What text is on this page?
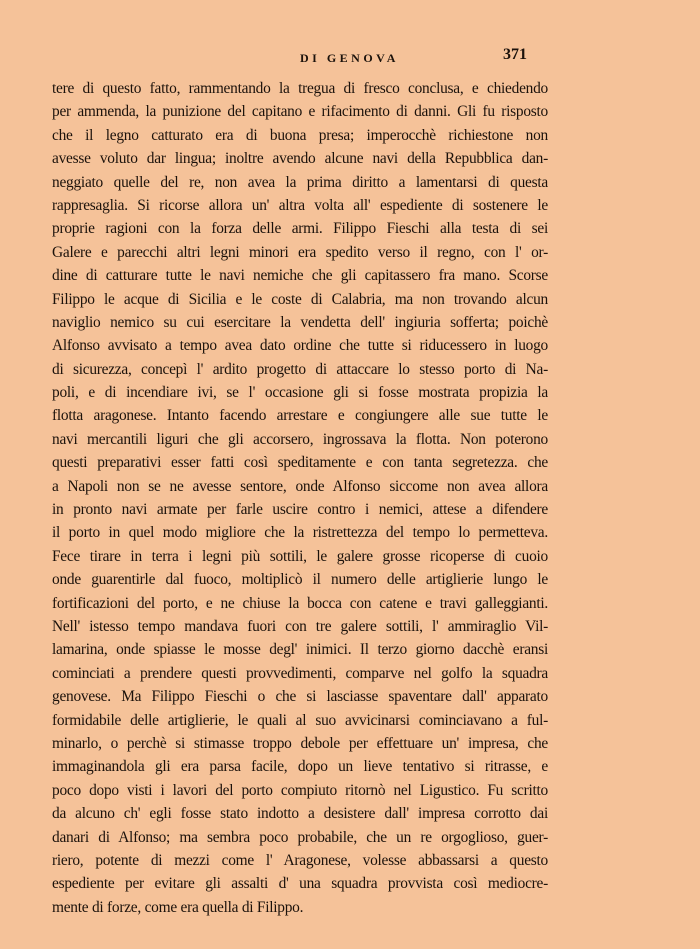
DI GENOVA	371
tere di questo fatto, rammentando la tregua di fresco conclusa, e chiedendo
per ammenda, la punizione del capitano e rifacimento di danni. Gli fu risposto
che il legno catturato era di buona presa; imperocchè richiestone non
avesse voluto dar lingua; inoltre avendo alcune navi della Repubblica dan-
neggiato quelle del re, non avea la prima diritto a lamentarsi di questa
rappresaglia. Si ricorse allora un' altra volta all' espediente di sostenere le
proprie ragioni con la forza delle armi. Filippo Fieschi alla testa di sei
Galere e parecchi altri legni minori era spedito verso il regno, con l' or-
dine di catturare tutte le navi nemiche che gli capitassero fra mano. Scorse
Filippo le acque di Sicilia e le coste di Calabria, ma non trovando alcun
naviglio nemico su cui esercitare la vendetta dell' ingiuria sofferta; poichè
Alfonso avvisato a tempo avea dato ordine che tutte si riducessero in luogo
di sicurezza, concepì l' ardito progetto di attaccare lo stesso porto di Na-
poli, e di incendiare ivi, se l' occasione gli si fosse mostrata propizia la
flotta aragonese. Intanto facendo arrestare e congiungere alle sue tutte le
navi mercantili liguri che gli accorsero, ingrossava la flotta. Non poterono
questi preparativi esser fatti così speditamente e con tanta segretezza. che
a Napoli non se ne avesse sentore, onde Alfonso siccome non avea allora
in pronto navi armate per farle uscire contro i nemici, attese a difendere
il porto in quel modo migliore che la ristrettezza del tempo lo permetteva.
Fece tirare in terra i legni più sottili, le galere grosse ricoperse di cuoio
onde guarentirle dal fuoco, moltiplicò il numero delle artiglierie lungo le
fortificazioni del porto, e ne chiuse la bocca con catene e travi galleggianti.
Nell' istesso tempo mandava fuori con tre galere sottili, l' ammiraglio Vil-
lamarina, onde spiasse le mosse degl' inimici. Il terzo giorno dacchè eransi
cominciati a prendere questi provvedimenti, comparve nel golfo la squadra
genovese. Ma Filippo Fieschi o che si lasciasse spaventare dall' apparato
formidabile delle artiglierie, le quali al suo avvicinarsi cominciavano a ful-
minarlo, o perchè si stimasse troppo debole per effettuare un' impresa, che
immaginandola gli era parsa facile, dopo un lieve tentativo si ritrasse, e
poco dopo visti i lavori del porto compiuto ritornò nel Ligustico. Fu scritto
da alcuno ch' egli fosse stato indotto a desistere dall' impresa corrotto dai
danari di Alfonso; ma sembra poco probabile, che un re orgoglioso, guer-
riero, potente di mezzi come l' Aragonese, volesse abbassarsi a questo
espediente per evitare gli assalti d' una squadra provvista così mediocre-
mente di forze, come era quella di Filippo.
